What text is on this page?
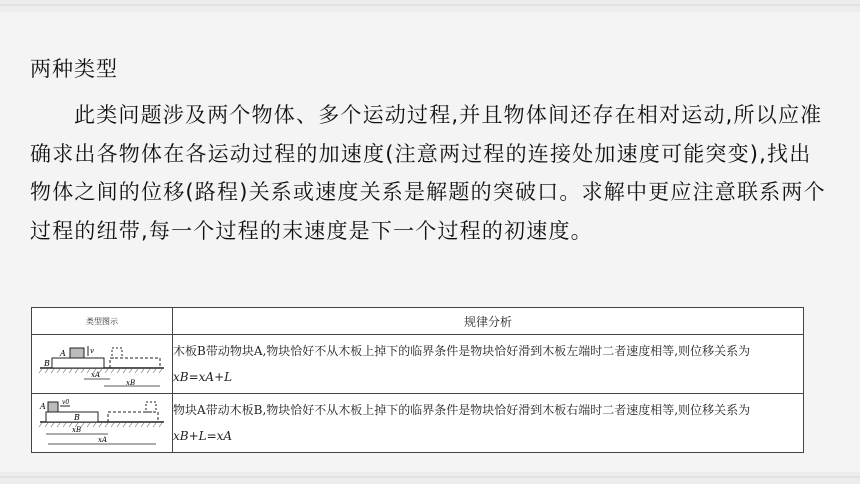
两种类型

此类问题涉及两个物体、多个运动过程,并且物体间还存在相对运动,所以应准确求出各物体在各运动过程的加速度(注意两过程的连接处加速度可能突变),找出物体之间的位移(路程)关系或速度关系是解题的突破口。求解中更应注意联系两个过程的纽带,每一个过程的末速度是下一个过程的初速度。

类型图示	规律分析

A
B
v
xA
xB	木板B带动物块A,物块恰好不从木板上掉下的临界条件是物块恰好滑到木板左端时二者速度相等,则位移关系为xB=xA+L

A
B
v0
xB
xA	物块A带动木板B,物块恰好不从木板上掉下的临界条件是物块恰好滑到木板右端时二者速度相等,则位移关系为xB+L=xA
